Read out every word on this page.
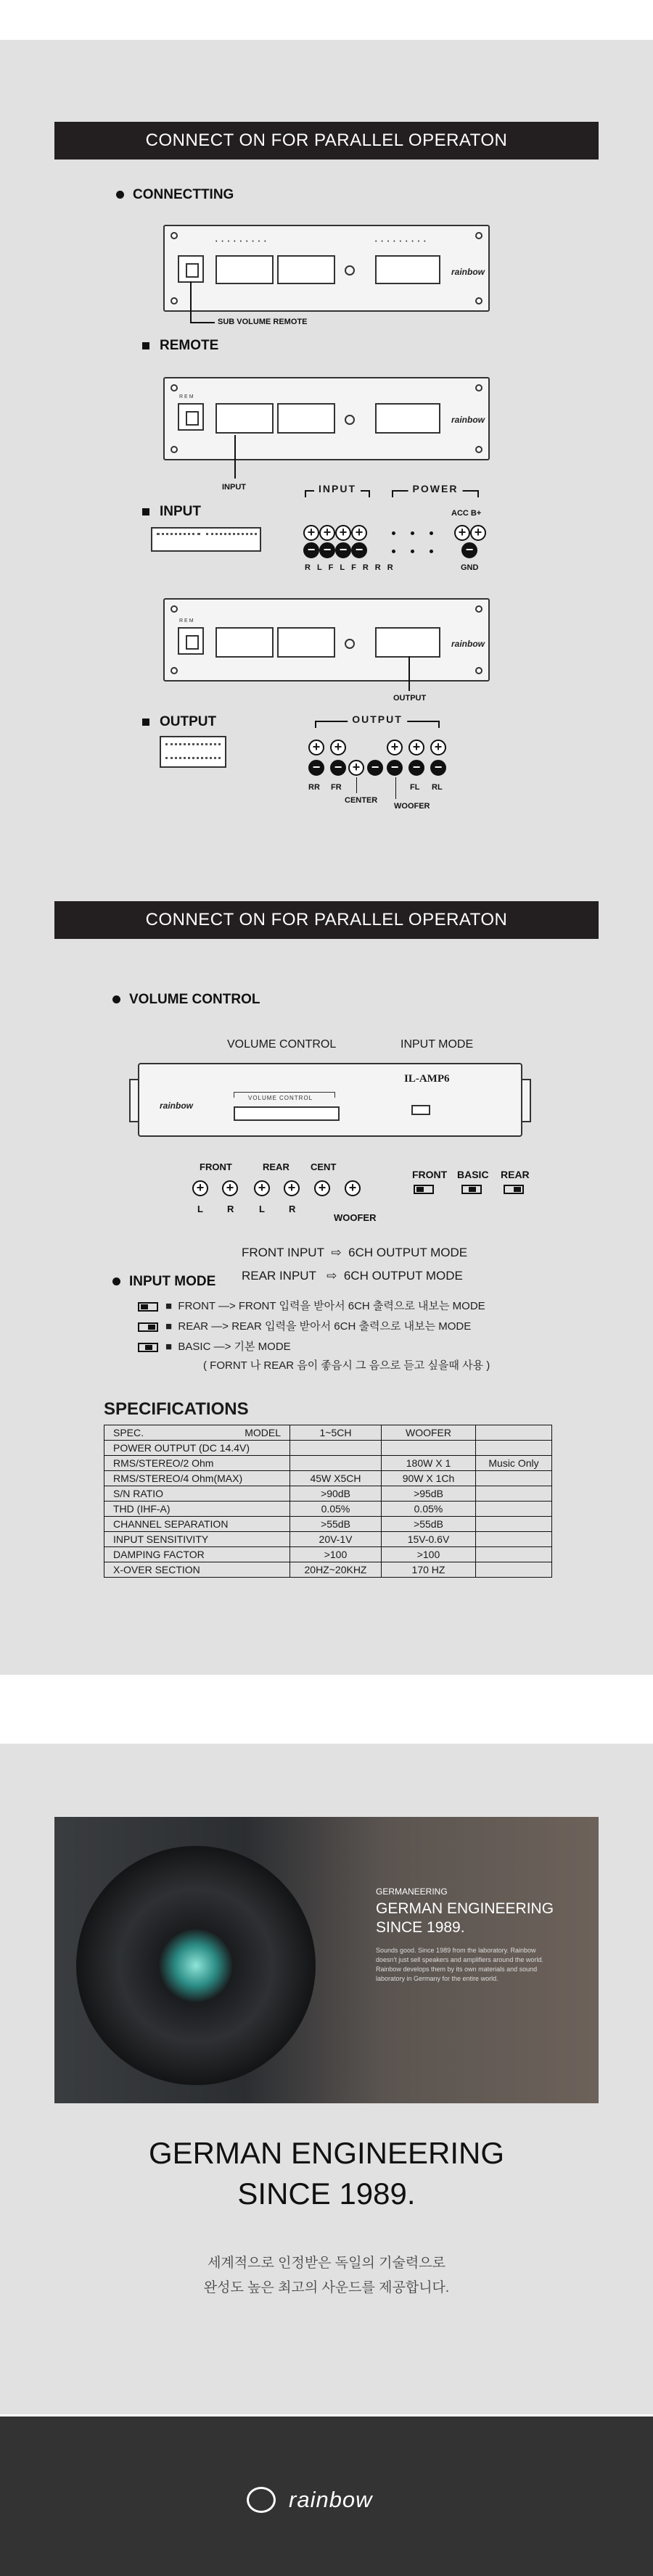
CONNECT ON FOR PARALLEL OPERATON
CONNECTTING
• • • • • • • • •	• • • • • • • • •
rainbow
SUB VOLUME REMOTE
REMOTE
REM
rainbow
INPUT
INPUT
INPUT	POWER
ACC B+
+ + + +
− − − −
RLFLFRRR
+ +
−
GND
REM
rainbow
OUTPUT
OUTPUT	OUTPUT
+	+
−	− + −
+	+	+
−	−	−
RR FR	FL RL
CENTER
WOOFER
CONNECT ON FOR PARALLEL OPERATON
VOLUME CONTROL
VOLUME CONTROL	INPUT MODE
rainbow
VOLUME CONTROL
IL-AMP6
FRONT	REAR CENT
+	+	+	+	+	+
L	R	L	R
WOOFER
FRONT BASIC REAR
FRONT INPUT  ⇨  6CH OUTPUT MODE
REAR INPUT   ⇨  6CH OUTPUT MODE
INPUT MODE
■  FRONT —> FRONT 입력을 받아서 6CH 출력으로 내보는 MODE
■  REAR —> REAR 입력을 받아서 6CH 출력으로 내보는 MODE
■  BASIC —> 기본 MODE
( FORNT 나 REAR 음이 좋음시 그 음으로 듣고 싶을때 사용 )
SPECIFICATIONS
SPEC. MODEL	1~5CH	WOOFER	
POWER OUTPUT (DC 14.4V)			
RMS/STEREO/2 Ohm		180W X 1	Music Only
RMS/STEREO/4 Ohm(MAX)	45W X5CH	90W X 1Ch	
S/N RATIO	>90dB	>95dB	
THD (IHF-A)	0.05%	0.05%	
CHANNEL SEPARATION	>55dB	>55dB	
INPUT SENSITIVITY	20V-1V	15V-0.6V	
DAMPING FACTOR	>100	>100	
X-OVER SECTION	20HZ~20KHZ	170 HZ	
GERMANEERING
GERMAN ENGINEERING
SINCE 1989.
Sounds good. Since 1989 from the laboratory. Rainbow doesn't just sell speakers and amplifiers around the world. Rainbow develops them by its own materials and sound laboratory in Germany for the entire world.
GERMAN ENGINEERING
SINCE 1989.
세계적으로 인정받은 독일의 기술력으로
완성도 높은 최고의 사운드를 제공합니다.
rainbow
